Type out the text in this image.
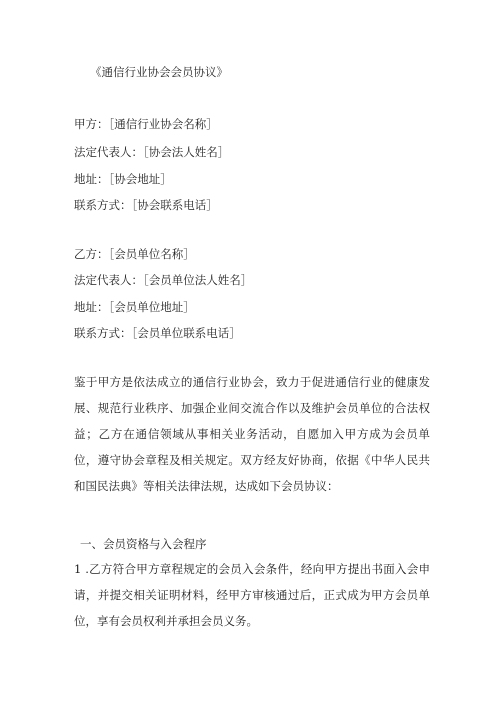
《通信行业协会会员协议》
甲方：［通信行业协会名称］
法定代表人：［协会法人姓名］
地址：［协会地址］
联系方式：［协会联系电话］
乙方：［会员单位名称］
法定代表人：［会员单位法人姓名］
地址：［会员单位地址］
联系方式：［会员单位联系电话］
鉴于甲方是依法成立的通信行业协会，致力于促进通信行业的健康发展、规范行业秩序、加强企业间交流合作以及维护会员单位的合法权益；乙方在通信领域从事相关业务活动，自愿加入甲方成为会员单位，遵守协会章程及相关规定。双方经友好协商，依据《中华人民共和国民法典》等相关法律法规，达成如下会员协议：
一、会员资格与入会程序
1 .乙方符合甲方章程规定的会员入会条件，经向甲方提出书面入会申请，并提交相关证明材料，经甲方审核通过后，正式成为甲方会员单位，享有会员权利并承担会员义务。
